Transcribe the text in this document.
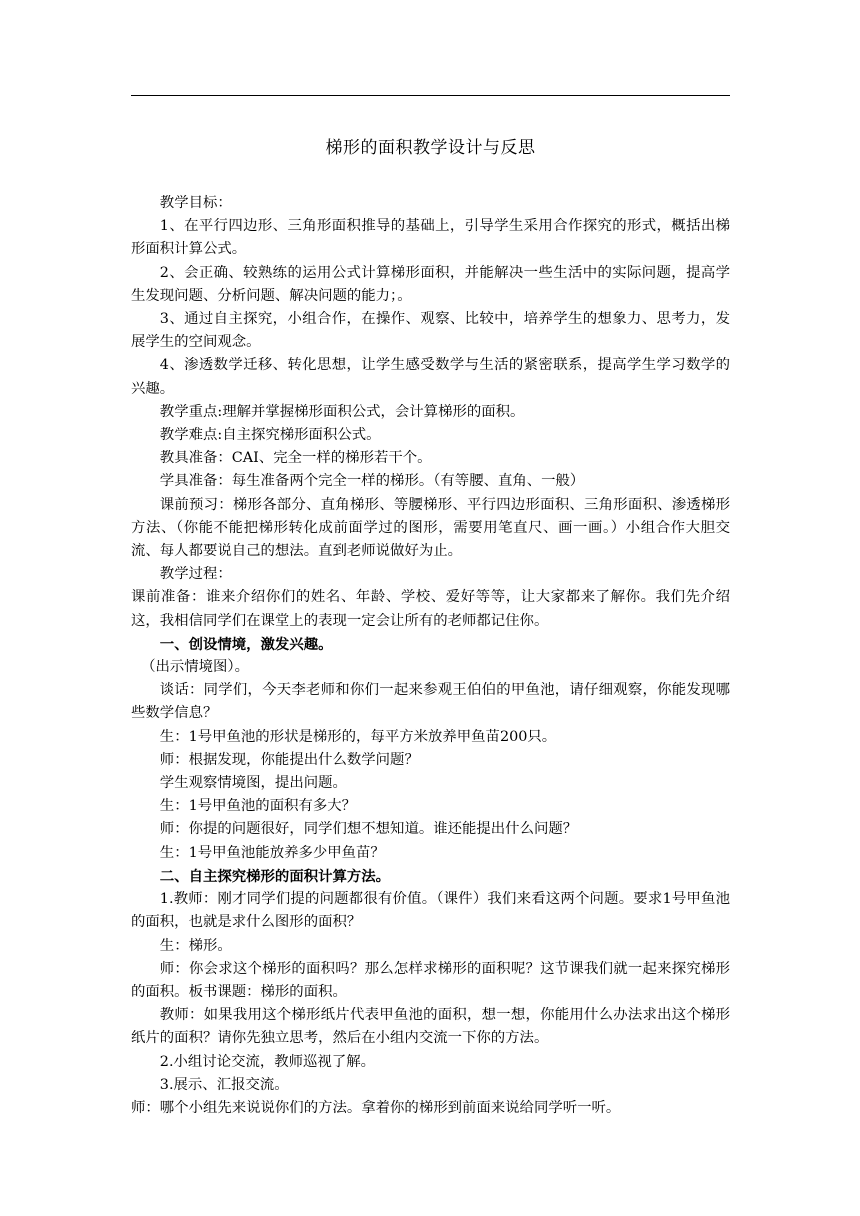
梯形的面积教学设计与反思

教学目标：

1、在平行四边形、三角形面积推导的基础上，引导学生采用合作探究的形式，概括出梯形面积计算公式。

2、会正确、较熟练的运用公式计算梯形面积，并能解决一些生活中的实际问题，提高学生发现问题、分析问题、解决问题的能力；。

3、通过自主探究，小组合作，在操作、观察、比较中，培养学生的想象力、思考力，发展学生的空间观念。

4、渗透数学迁移、转化思想，让学生感受数学与生活的紧密联系，提高学生学习数学的兴趣。

教学重点:理解并掌握梯形面积公式，会计算梯形的面积。

教学难点:自主探究梯形面积公式。

教具准备：CAI、完全一样的梯形若干个。

学具准备：每生准备两个完全一样的梯形。（有等腰、直角、一般）

课前预习：梯形各部分、直角梯形、等腰梯形、平行四边形面积、三角形面积、渗透梯形方法、（你能不能把梯形转化成前面学过的图形，需要用笔直尺、画一画。）小组合作大胆交流、每人都要说自己的想法。直到老师说做好为止。

教学过程：

课前准备：谁来介绍你们的姓名、年龄、学校、爱好等等，让大家都来了解你。我们先介绍这，我相信同学们在课堂上的表现一定会让所有的老师都记住你。

一、创设情境，激发兴趣。

（出示情境图）。

谈话：同学们，今天李老师和你们一起来参观王伯伯的甲鱼池，请仔细观察，你能发现哪些数学信息？

生：1号甲鱼池的形状是梯形的，每平方米放养甲鱼苗200只。

师：根据发现，你能提出什么数学问题？

学生观察情境图，提出问题。

生：1号甲鱼池的面积有多大？

师：你提的问题很好，同学们想不想知道。谁还能提出什么问题？

生：1号甲鱼池能放养多少甲鱼苗？

二、自主探究梯形的面积计算方法。

1.教师：刚才同学们提的问题都很有价值。（课件）我们来看这两个问题。要求1号甲鱼池的面积，也就是求什么图形的面积？

生：梯形。

师：你会求这个梯形的面积吗？那么怎样求梯形的面积呢？这节课我们就一起来探究梯形的面积。板书课题：梯形的面积。

教师：如果我用这个梯形纸片代表甲鱼池的面积，想一想，你能用什么办法求出这个梯形纸片的面积？请你先独立思考，然后在小组内交流一下你的方法。

2.小组讨论交流，教师巡视了解。

3.展示、汇报交流。

师：哪个小组先来说说你们的方法。拿着你的梯形到前面来说给同学听一听。
